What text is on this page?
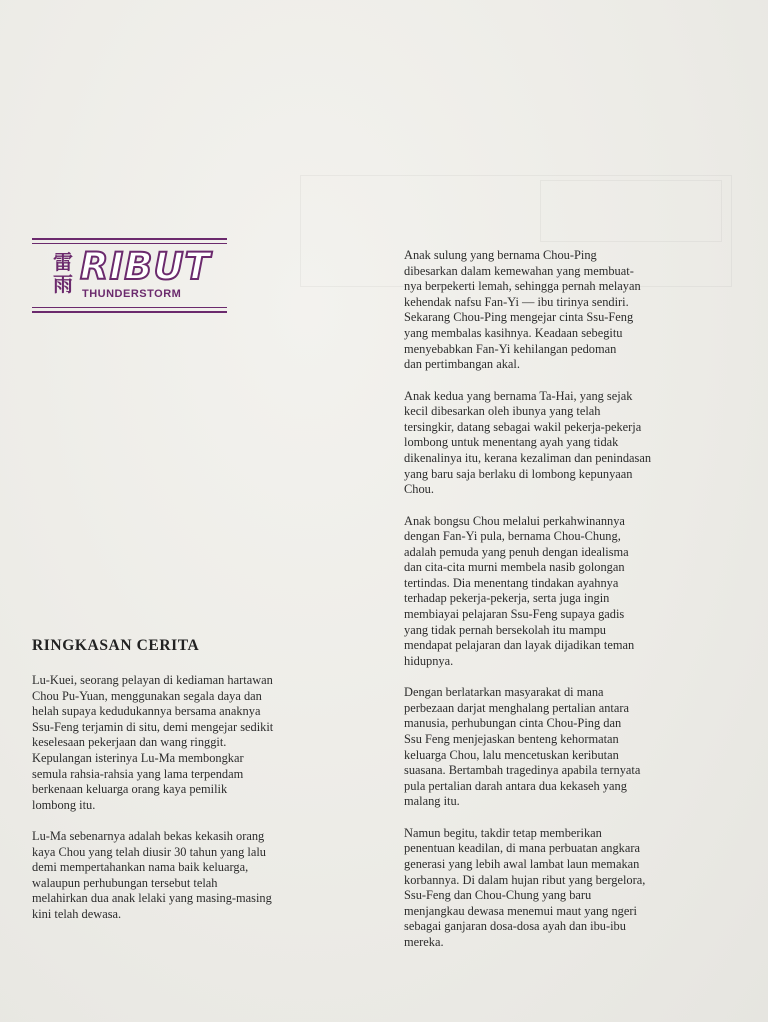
雷
雨 RIBUT
THUNDERSTORM
RINGKASAN CERITA

Lu-Kuei, seorang pelayan di kediaman hartawan
Chou Pu-Yuan, menggunakan segala daya dan
helah supaya kedudukannya bersama anaknya
Ssu-Feng terjamin di situ, demi mengejar sedikit
keselesaan pekerjaan dan wang ringgit.
Kepulangan isterinya Lu-Ma membongkar
semula rahsia-rahsia yang lama terpendam
berkenaan keluarga orang kaya pemilik
lombong itu.

Lu-Ma sebenarnya adalah bekas kekasih orang
kaya Chou yang telah diusir 30 tahun yang lalu
demi mempertahankan nama baik keluarga,
walaupun perhubungan tersebut telah
melahirkan dua anak lelaki yang masing-masing
kini telah dewasa.

Anak sulung yang bernama Chou-Ping
dibesarkan dalam kemewahan yang membuat-
nya berpekerti lemah, sehingga pernah melayan
kehendak nafsu Fan-Yi — ibu tirinya sendiri.
Sekarang Chou-Ping mengejar cinta Ssu-Feng
yang membalas kasihnya. Keadaan sebegitu
menyebabkan Fan-Yi kehilangan pedoman
dan pertimbangan akal.

Anak kedua yang bernama Ta-Hai, yang sejak
kecil dibesarkan oleh ibunya yang telah
tersingkir, datang sebagai wakil pekerja-pekerja
lombong untuk menentang ayah yang tidak
dikenalinya itu, kerana kezaliman dan penindasan
yang baru saja berlaku di lombong kepunyaan
Chou.

Anak bongsu Chou melalui perkahwinannya
dengan Fan-Yi pula, bernama Chou-Chung,
adalah pemuda yang penuh dengan idealisma
dan cita-cita murni membela nasib golongan
tertindas. Dia menentang tindakan ayahnya
terhadap pekerja-pekerja, serta juga ingin
membiayai pelajaran Ssu-Feng supaya gadis
yang tidak pernah bersekolah itu mampu
mendapat pelajaran dan layak dijadikan teman
hidupnya.

Dengan berlatarkan masyarakat di mana
perbezaan darjat menghalang pertalian antara
manusia, perhubungan cinta Chou-Ping dan
Ssu Feng menjejaskan benteng kehormatan
keluarga Chou, lalu mencetuskan keributan
suasana. Bertambah tragedinya apabila ternyata
pula pertalian darah antara dua kekaseh yang
malang itu.

Namun begitu, takdir tetap memberikan
penentuan keadilan, di mana perbuatan angkara
generasi yang lebih awal lambat laun memakan
korbannya. Di dalam hujan ribut yang bergelora,
Ssu-Feng dan Chou-Chung yang baru
menjangkau dewasa menemui maut yang ngeri
sebagai ganjaran dosa-dosa ayah dan ibu-ibu
mereka.
